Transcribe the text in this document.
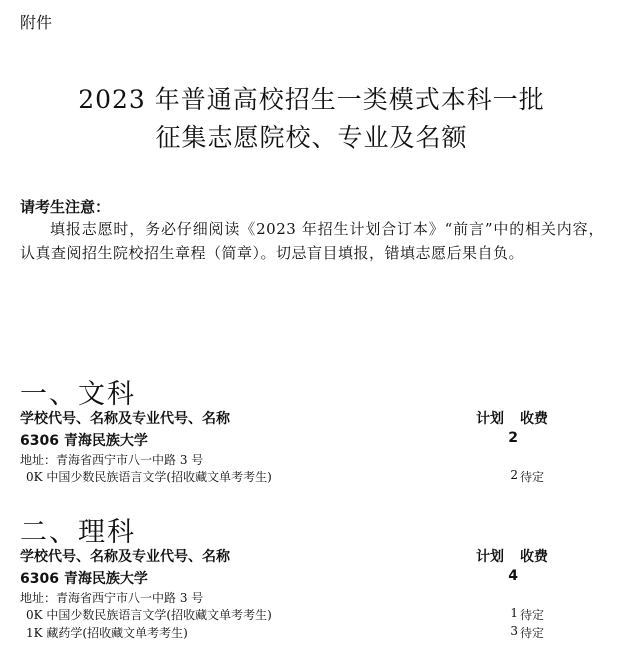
附件
2023 年普通高校招生一类模式本科一批
征集志愿院校、专业及名额
请考生注意：
填报志愿时，务必仔细阅读《2023 年招生计划合订本》“前言”中的相关内容，认真查阅招生院校招生章程（简章）。切忌盲目填报，错填志愿后果自负。
一、文科
学校代号、名称及专业代号、名称	计划 收费
6306 青海民族大学	2
地址：青海省西宁市八一中路 3 号
0K 中国少数民族语言文学(招收藏文单考考生)	2 待定
二、理科
学校代号、名称及专业代号、名称	计划 收费
6306 青海民族大学	4
地址：青海省西宁市八一中路 3 号
0K 中国少数民族语言文学(招收藏文单考考生)	1 待定
1K 藏药学(招收藏文单考考生)	3 待定
